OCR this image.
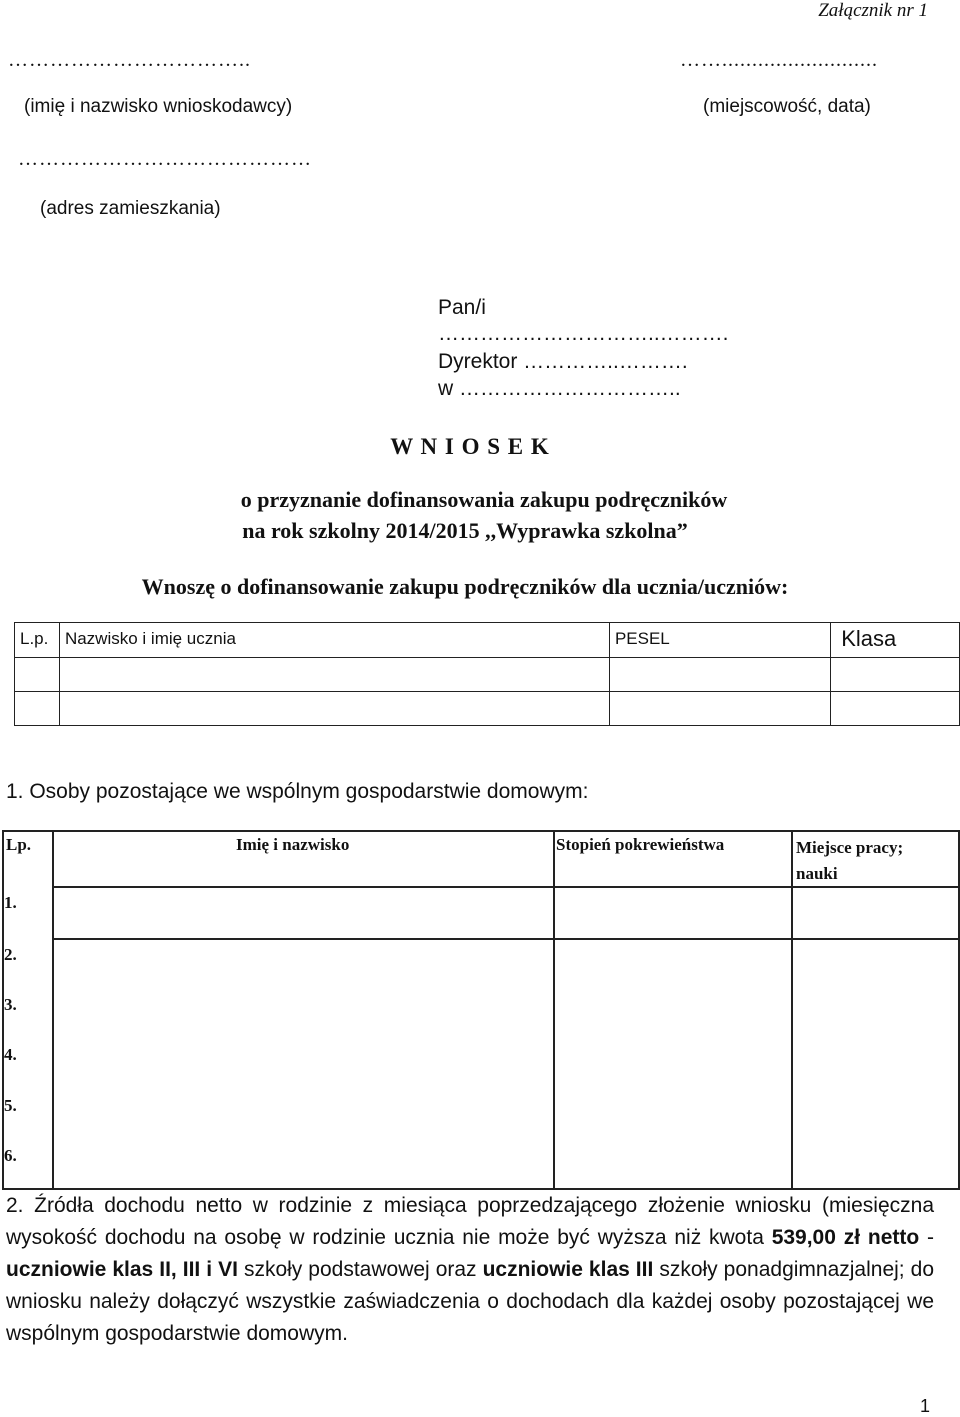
Załącznik nr 1
……………………………..	……..........................
(imię i nazwisko wnioskodawcy)	(miejscowość, data)
……………………………………
(adres zamieszkania)
Pan/i
…………………………..……….
Dyrektor …………..……….
w …………………………..
W N I O S E K
o przyznanie dofinansowania zakupu podręczników
na rok szkolny 2014/2015 ,,Wyprawka szkolna”
Wnoszę o dofinansowanie zakupu podręczników dla ucznia/uczniów:
L.p.	Nazwisko i imię ucznia	PESEL	Klasa

1. Osoby pozostające we wspólnym gospodarstwie domowym:
Lp.	Imię i nazwisko	Stopień pokrewieństwa	Miejsce pracy; nauki
1.
2.
3.
4.
5.
6.
2. Źródła dochodu netto w rodzinie z miesiąca poprzedzającego złożenie wniosku (miesięczna wysokość dochodu na osobę w rodzinie ucznia nie może być wyższa niż kwota 539,00 zł netto - uczniowie klas II, III i VI szkoły podstawowej oraz uczniowie klas III szkoły ponadgimnazjalnej; do wniosku należy dołączyć wszystkie zaświadczenia o dochodach dla każdej osoby pozostającej we wspólnym gospodarstwie domowym.
1
